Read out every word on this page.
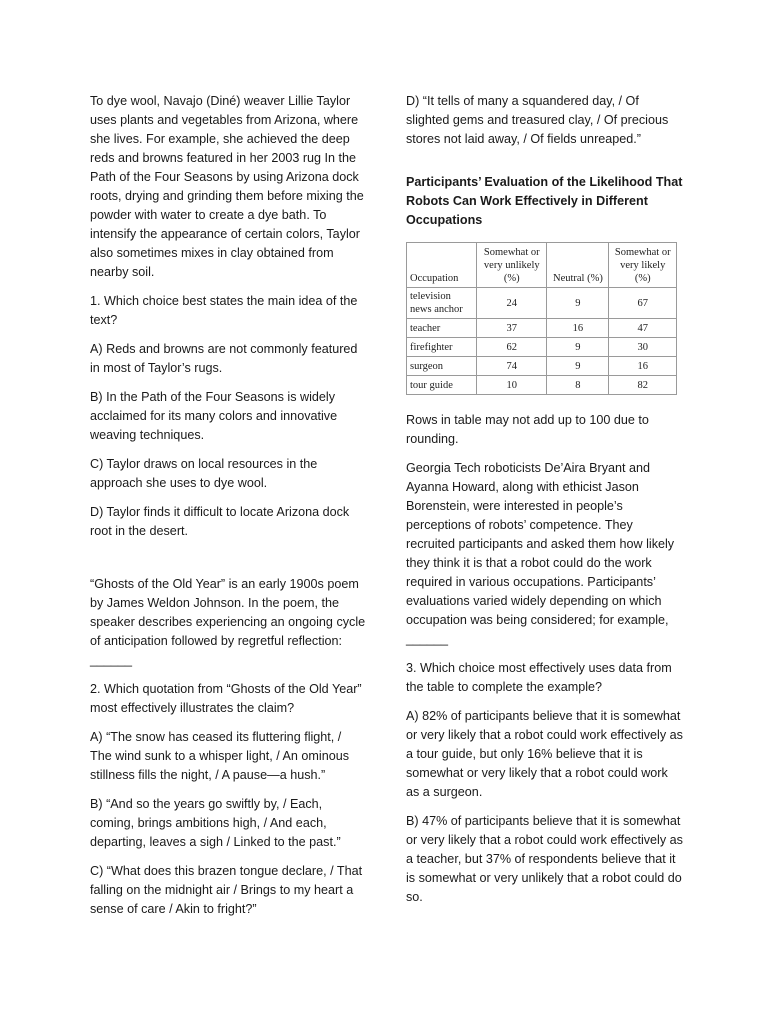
To dye wool, Navajo (Diné) weaver Lillie Taylor uses plants and vegetables from Arizona, where she lives. For example, she achieved the deep reds and browns featured in her 2003 rug In the Path of the Four Seasons by using Arizona dock roots, drying and grinding them before mixing the powder with water to create a dye bath. To intensify the appearance of certain colors, Taylor also sometimes mixes in clay obtained from nearby soil.

1. Which choice best states the main idea of the text?

A) Reds and browns are not commonly featured in most of Taylor’s rugs.

B) In the Path of the Four Seasons is widely acclaimed for its many colors and innovative weaving techniques.

C) Taylor draws on local resources in the approach she uses to dye wool.

D) Taylor finds it difficult to locate Arizona dock root in the desert.

“Ghosts of the Old Year” is an early 1900s poem by James Weldon Johnson. In the poem, the speaker describes experiencing an ongoing cycle of anticipation followed by regretful reflection: ______

2. Which quotation from “Ghosts of the Old Year” most effectively illustrates the claim?

A) “The snow has ceased its fluttering flight, / The wind sunk to a whisper light, / An ominous stillness fills the night, / A pause—a hush.”

B) “And so the years go swiftly by, / Each, coming, brings ambitions high, / And each, departing, leaves a sigh / Linked to the past.”

C) “What does this brazen tongue declare, / That falling on the midnight air / Brings to my heart a sense of care / Akin to fright?”

D) “It tells of many a squandered day, / Of slighted gems and treasured clay, / Of precious stores not laid away, / Of fields unreaped.”

Participants’ Evaluation of the Likelihood That Robots Can Work Effectively in Different Occupations

Occupation	Somewhat or very unlikely (%)	Neutral (%)	Somewhat or very likely (%)
television news anchor	24	9	67
teacher	37	16	47
firefighter	62	9	30
surgeon	74	9	16
tour guide	10	8	82

Rows in table may not add up to 100 due to rounding.

Georgia Tech roboticists De’Aira Bryant and Ayanna Howard, along with ethicist Jason Borenstein, were interested in people’s perceptions of robots’ competence. They recruited participants and asked them how likely they think it is that a robot could do the work required in various occupations. Participants’ evaluations varied widely depending on which occupation was being considered; for example, ______

3. Which choice most effectively uses data from the table to complete the example?

A) 82% of participants believe that it is somewhat or very likely that a robot could work effectively as a tour guide, but only 16% believe that it is somewhat or very likely that a robot could work as a surgeon.

B) 47% of participants believe that it is somewhat or very likely that a robot could work effectively as a teacher, but 37% of respondents believe that it is somewhat or very unlikely that a robot could do so.
